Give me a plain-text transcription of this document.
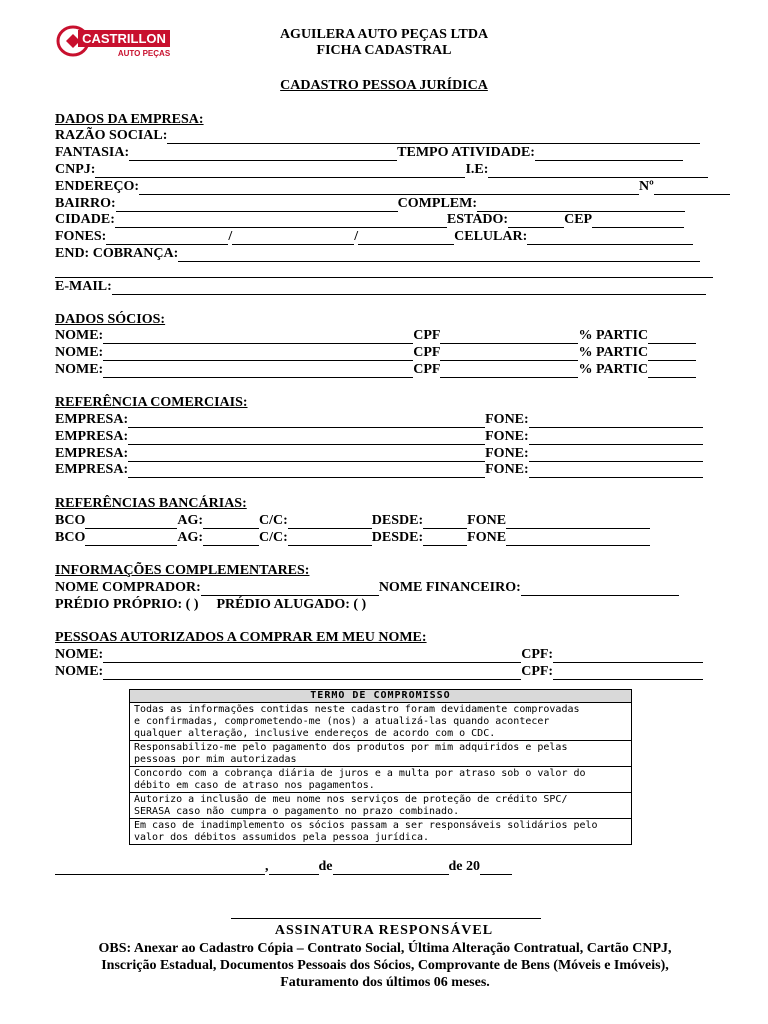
CASTRILLON
AUTO PEÇAS
AGUILERA AUTO PEÇAS LTDA
FICHA CADASTRAL
CADASTRO PESSOA JURÍDICA
DADOS DA EMPRESA:
RAZÃO SOCIAL:
FANTASIA:	TEMPO ATIVIDADE:
CNPJ:	I.E:
ENDEREÇO:	Nº
BAIRRO:	COMPLEM:
CIDADE:	ESTADO:	CEP
FONES:	/	/	CELULAR:
END: COBRANÇA:
E-MAIL:
DADOS SÓCIOS:
NOME:	CPF	% PARTIC
NOME:	CPF	% PARTIC
NOME:	CPF	% PARTIC
REFERÊNCIA COMERCIAIS:
EMPRESA:	FONE:
EMPRESA:	FONE:
EMPRESA:	FONE:
EMPRESA:	FONE:
REFERÊNCIAS BANCÁRIAS:
BCO	AG:	C/C:	DESDE:	FONE
BCO	AG:	C/C:	DESDE:	FONE
INFORMAÇÕES COMPLEMENTARES:
NOME COMPRADOR:	NOME FINANCEIRO:
PRÉDIO PRÓPRIO: ( ) PRÉDIO ALUGADO: ( )
PESSOAS AUTORIZADOS A COMPRAR EM MEU NOME:
NOME:	CPF:
NOME:	CPF:
TERMO DE COMPROMISSO
Todas as informações contidas neste cadastro foram devidamente comprovadas
e confirmadas, comprometendo-me (nos) a atualizá-las quando acontecer
qualquer alteração, inclusive endereços de acordo com o CDC.
Responsabilizo-me pelo pagamento dos produtos por mim adquiridos e pelas
pessoas por mim autorizadas
Concordo com a cobrança diária de juros e a multa por atraso sob o valor do
débito em caso de atraso nos pagamentos.
Autorizo a inclusão de meu nome nos serviços de proteção de crédito SPC/
SERASA caso não cumpra o pagamento no prazo combinado.
Em caso de inadimplemento os sócios passam a ser responsáveis solidários pelo
valor dos débitos assumidos pela pessoa jurídica.
,	de	de 20
ASSINATURA RESPONSÁVEL
OBS: Anexar ao Cadastro Cópia – Contrato Social, Última Alteração Contratual, Cartão CNPJ,
Inscrição Estadual, Documentos Pessoais dos Sócios, Comprovante de Bens (Móveis e Imóveis),
Faturamento dos últimos 06 meses.
